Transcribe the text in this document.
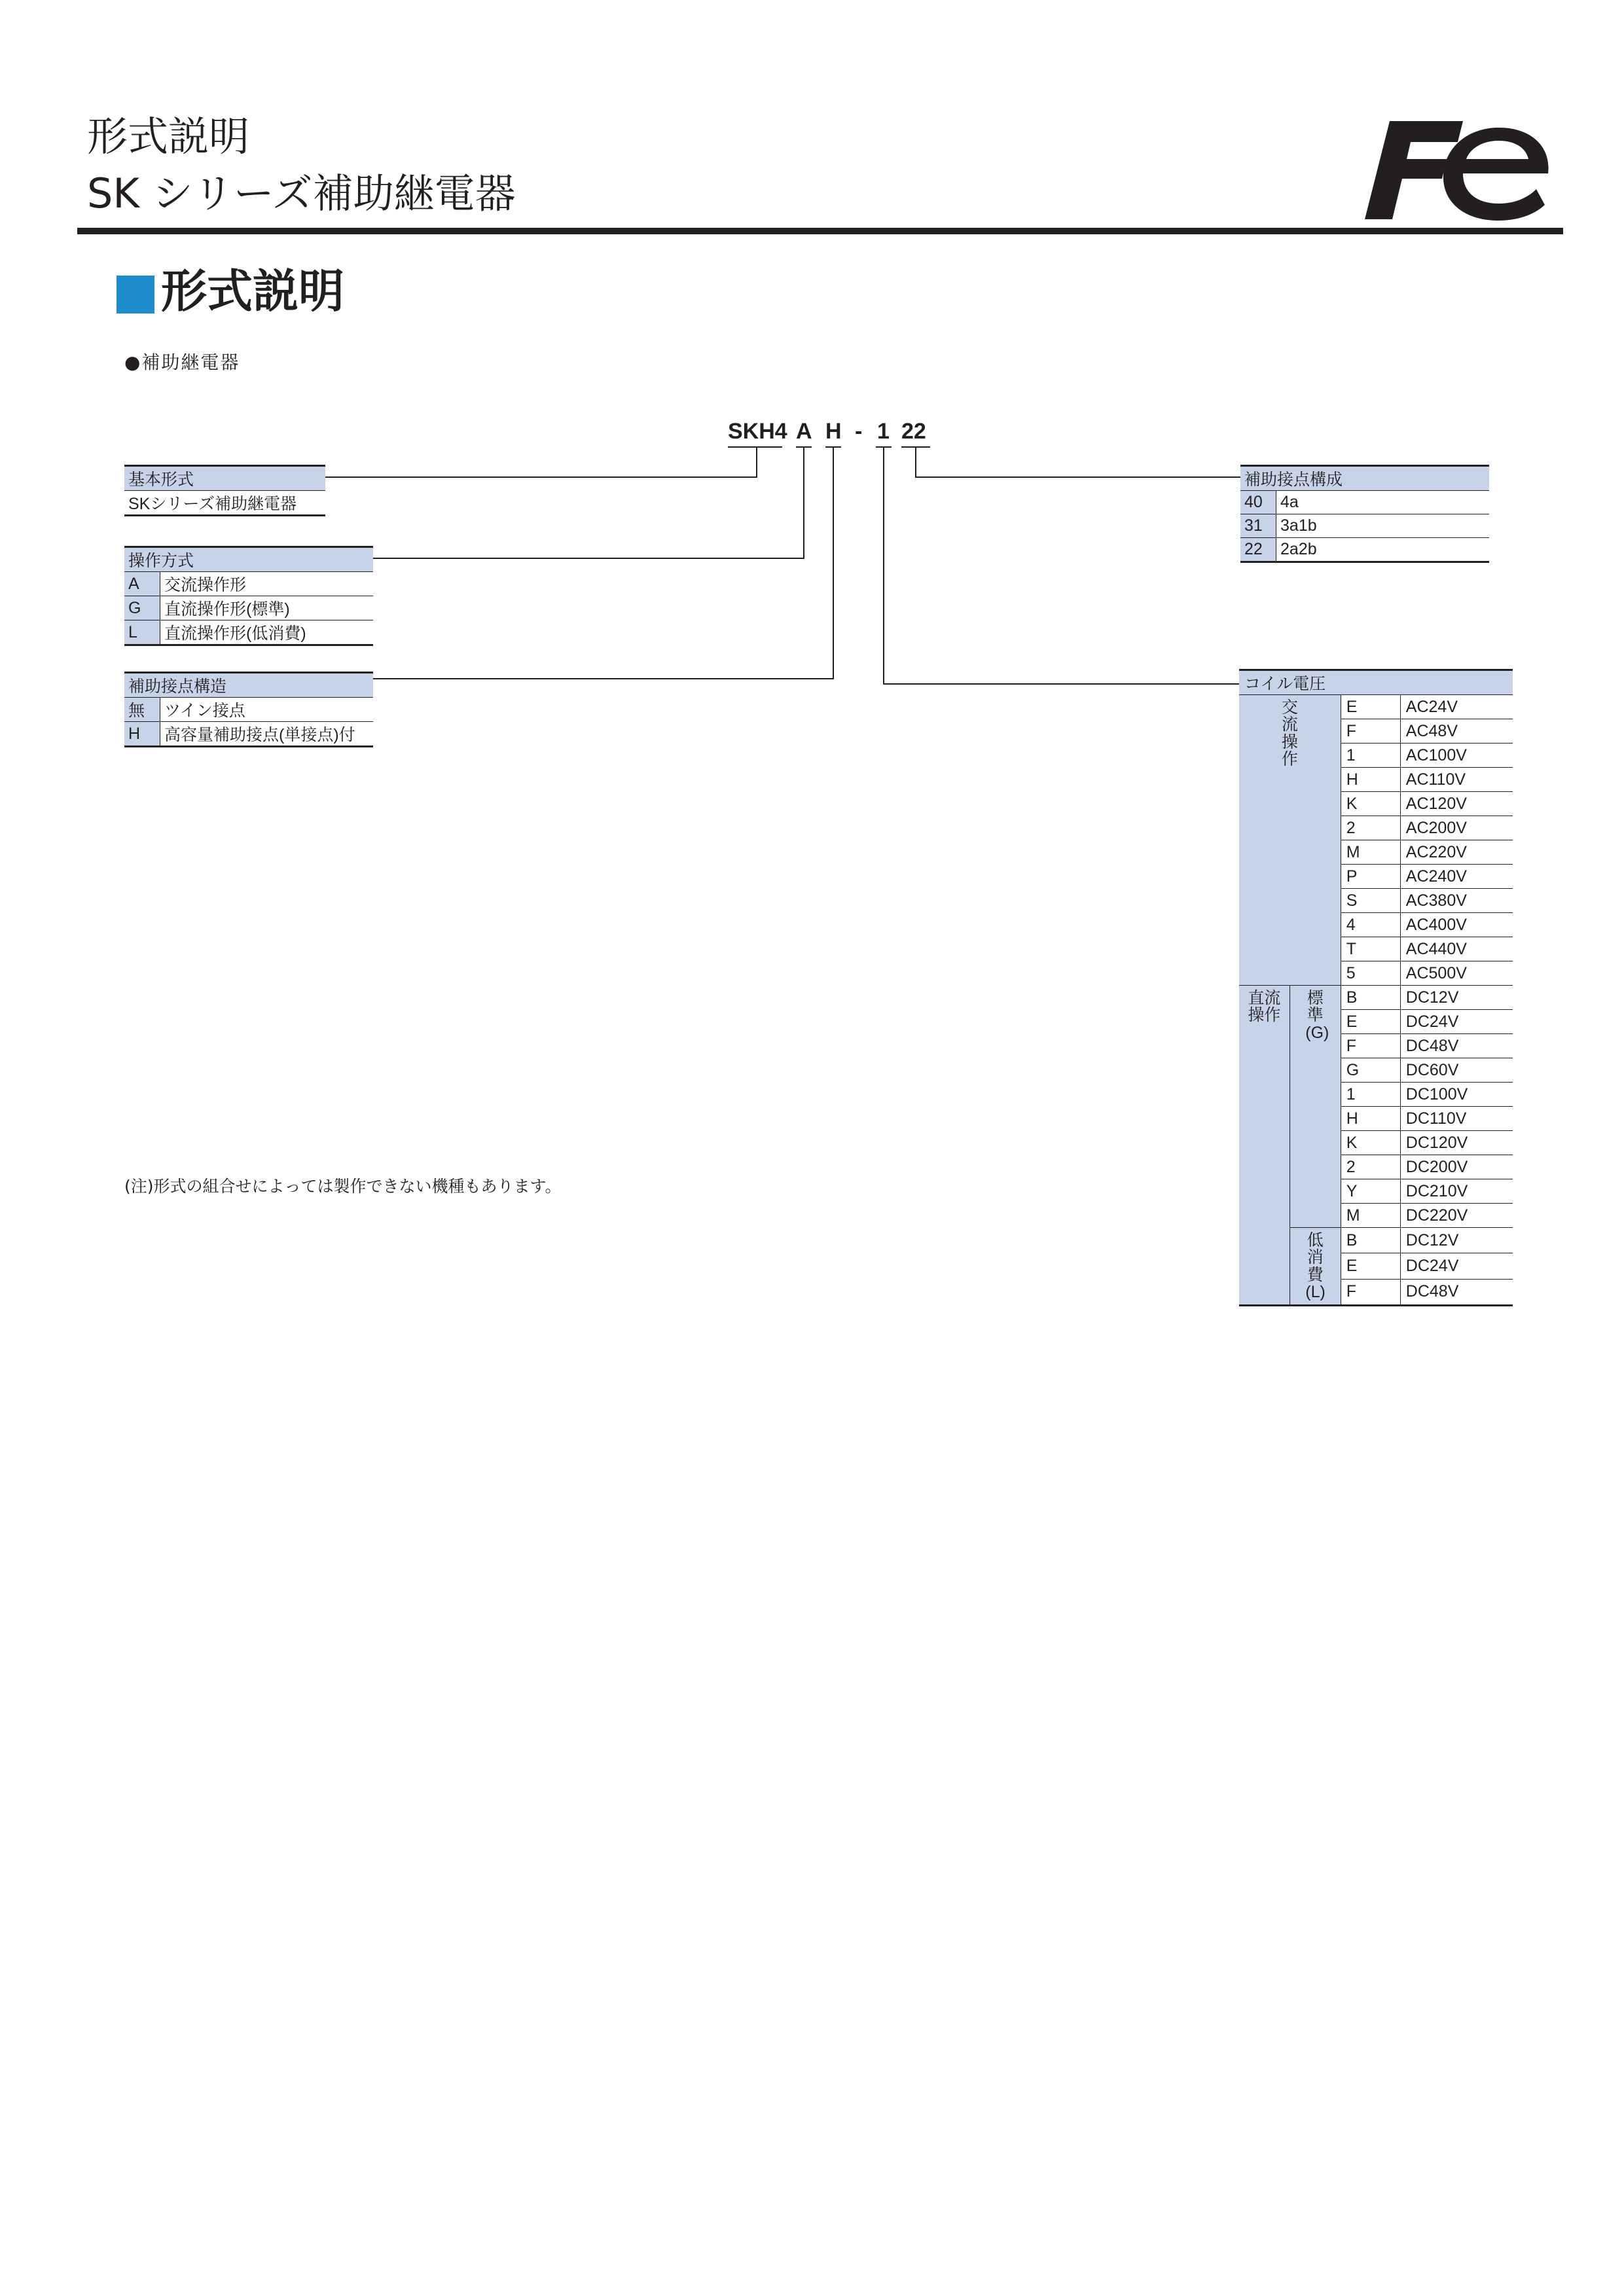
形式説明
SK シリーズ補助継電器
形式説明
●補助継電器
SKH4 A H - 1 22
基本形式
SKシリーズ補助継電器
操作方式	
A	交流操作形
G	直流操作形(標準)
L	直流操作形(低消費)
補助接点構造	
無	ツイン接点
H	高容量補助接点(単接点)付
補助接点構成	
40	4a
31	3a1b
22	2a2b
コイル電圧			
交流操作		E	AC24V
		F	AC48V
		1	AC100V
		H	AC110V
		K	AC120V
		2	AC200V
		M	AC220V
		P	AC240V
		S	AC380V
		4	AC400V
		T	AC440V
		5	AC500V
直流操作	標準(G)	B	DC12V
		E	DC24V
		F	DC48V
		G	DC60V
		1	DC100V
		H	DC110V
		K	DC120V
		2	DC200V
		Y	DC210V
		M	DC220V
	低消費(L)	B	DC12V
		E	DC24V
		F	DC48V
(注)形式の組合せによっては製作できない機種もあります。
